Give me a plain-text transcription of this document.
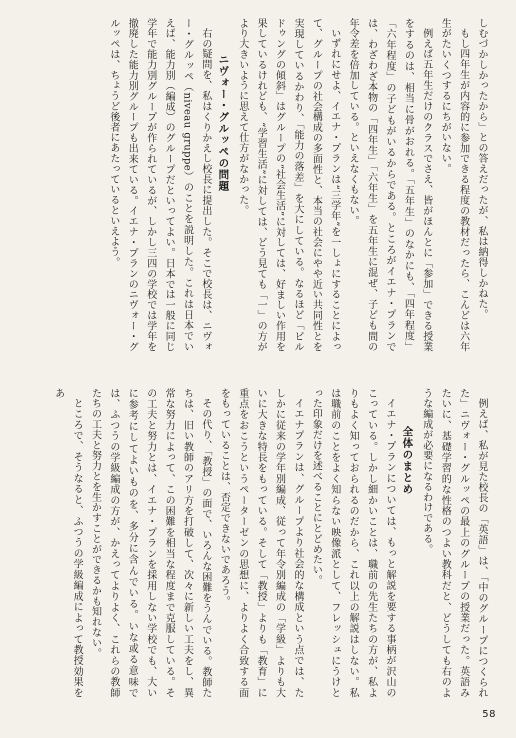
しむづかしかったから」との答えだったが、私は納得しかねた。

もし四年生が内容的に参加できる程度の教材だったら、こんどは六年生がたいくつするにちがいない。

例えば五年生だけのクラスでさえ、皆がほんとに「参加」できる授業をするのは、相当に骨がおれる。「五年生」のなかにも、「四年程度」「六年程度」の子どもがいるからである。ところがイエナ・プランでは、わざわざ本物の「四年生」「六年生」を五年生に混ぜ、子ども間の年令差を倍加している。といえなくもない。

いずれにせよ、イエナ・プランは“三学年”を一しょにすることによって、グループの社会構成の多面性と、本当の社会にやや近い共同性とを実現しているかわり、「能力の落差」を大にしている。なるほど「ビルドゥングの傾斜」はグループの“社会生活”に対しては、好ましい作用を果しているけれども、“学習生活”に対しては、どう見ても「一」の方がより大きいように思えて仕方がなかった。

ニヴォー・グルッペの問題

右の疑問を、私はくりかえし校長に提出した。そこで校長は、ニヴォー・グルッペ（niveau gruppe）のことを説明した。これは日本でいえば、能力別（編成）のグループだといってよい。日本では一般に同じ学年で能力別グループが作られているが、しかし三四の学校では学年を撤廃した能力別グループも出来ている。イエナ・プランのニヴォー・グルッペは、ちょうど後者にあたっているといえよう。

例えば、私が見た校長の「英語」は、「中のグループにつくられた」ニヴォー・グルッペの最上のグループの授業だった。英語みたいに、基礎学習的な性格のつよい教科だと、どうしても右のような編成が必要になるわけである。

全体のまとめ

イエナ・プランについては、もっと解説を要する事柄が沢山のこっている。しかし細かいことは、職前の先生たちの方が、私よりもよく知っておられるのだから、これ以上の解説はしない。私は職前のことをよく知らない映像派として、フレッシュにうけとった印象だけを述べることにとどめたい。

イエナプランは、グループより社会的な構成という点では、たしかに従来の学年別編成、従って年令別編成の「学級」よりも大いに大きな特長をもっている。そして「教授」よりも「教育」に重点をおこうというペーターゼンの思想に、よりよく合致する面をもっていることは、否定できないであろう。

その代り、「教授」の面で、いろんな困難をうんでいる。教師たちは、旧い教師のアリ方を打破して、次々に新しい工夫をし、異常な努力によって、この困難を相当な程度まで克服している。その工夫と努力とは、イエナ・プランを採用しない学校でも、大いに参考にしてよいものを、多分に含んでいる。いな或る意味では、ふつうの学級編成の方が、かえってよりよく、これらの教師たちの工夫と努力とを生かすことができるかも知れない。

ところで、そうなると、ふつうの学級編成によって教授効果をあ

58
